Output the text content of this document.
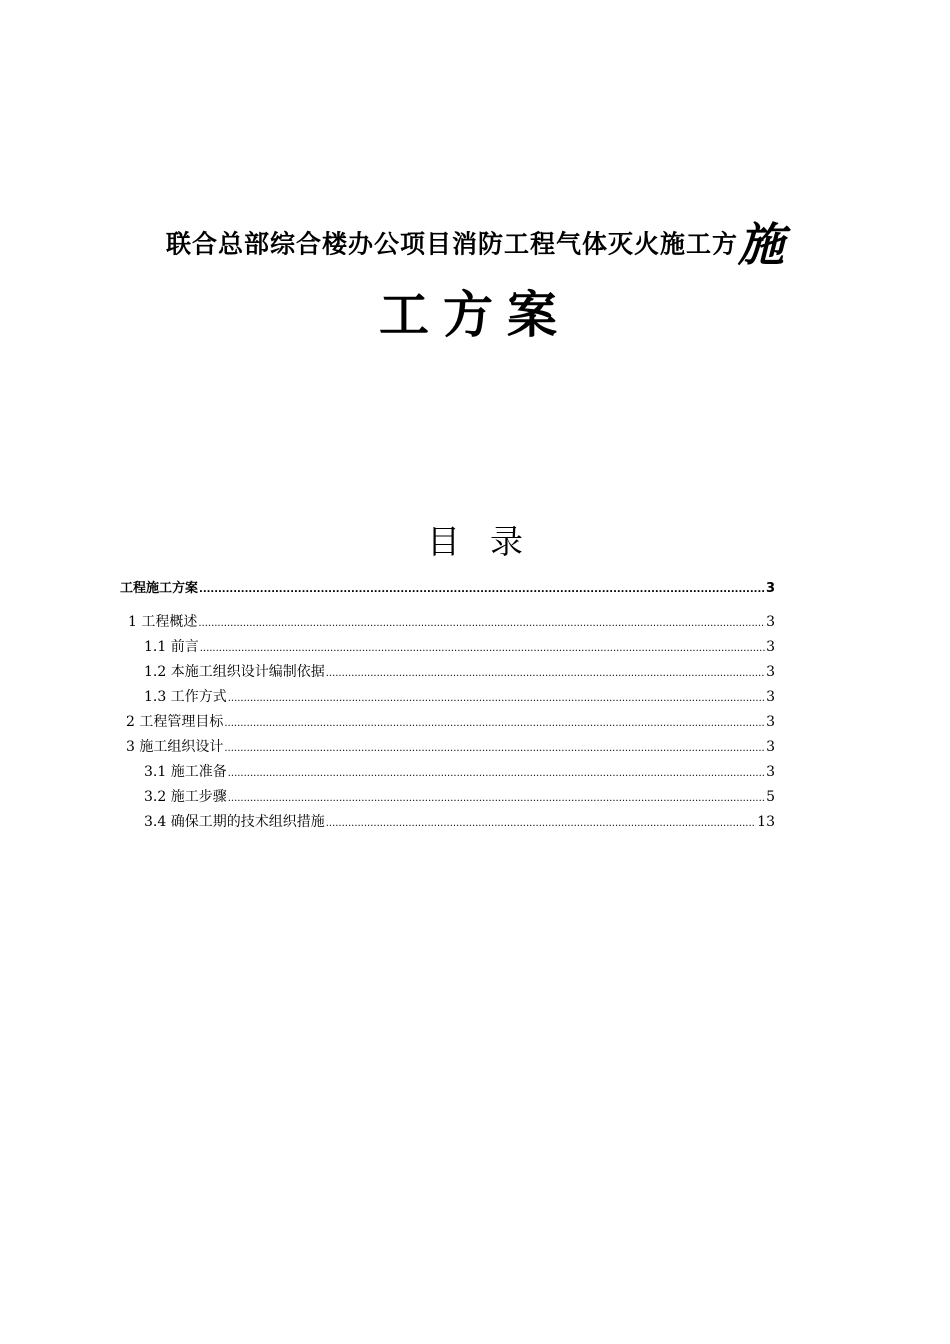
联合总部综合楼办公项目消防工程气体灭火施工方施
工方案
目 录
工程施工方案 .....	3
1 工程概述 .....	3
1.1 前言 .....	3
1.2 本施工组织设计编制依据 .....	3
1.3 工作方式 .....	3
2 工程管理目标 .....	3
3 施工组织设计 .....	3
3.1 施工准备 .....	3
3.2 施工步骤 .....	5
3.4 确保工期的技术组织措施 .....	13
